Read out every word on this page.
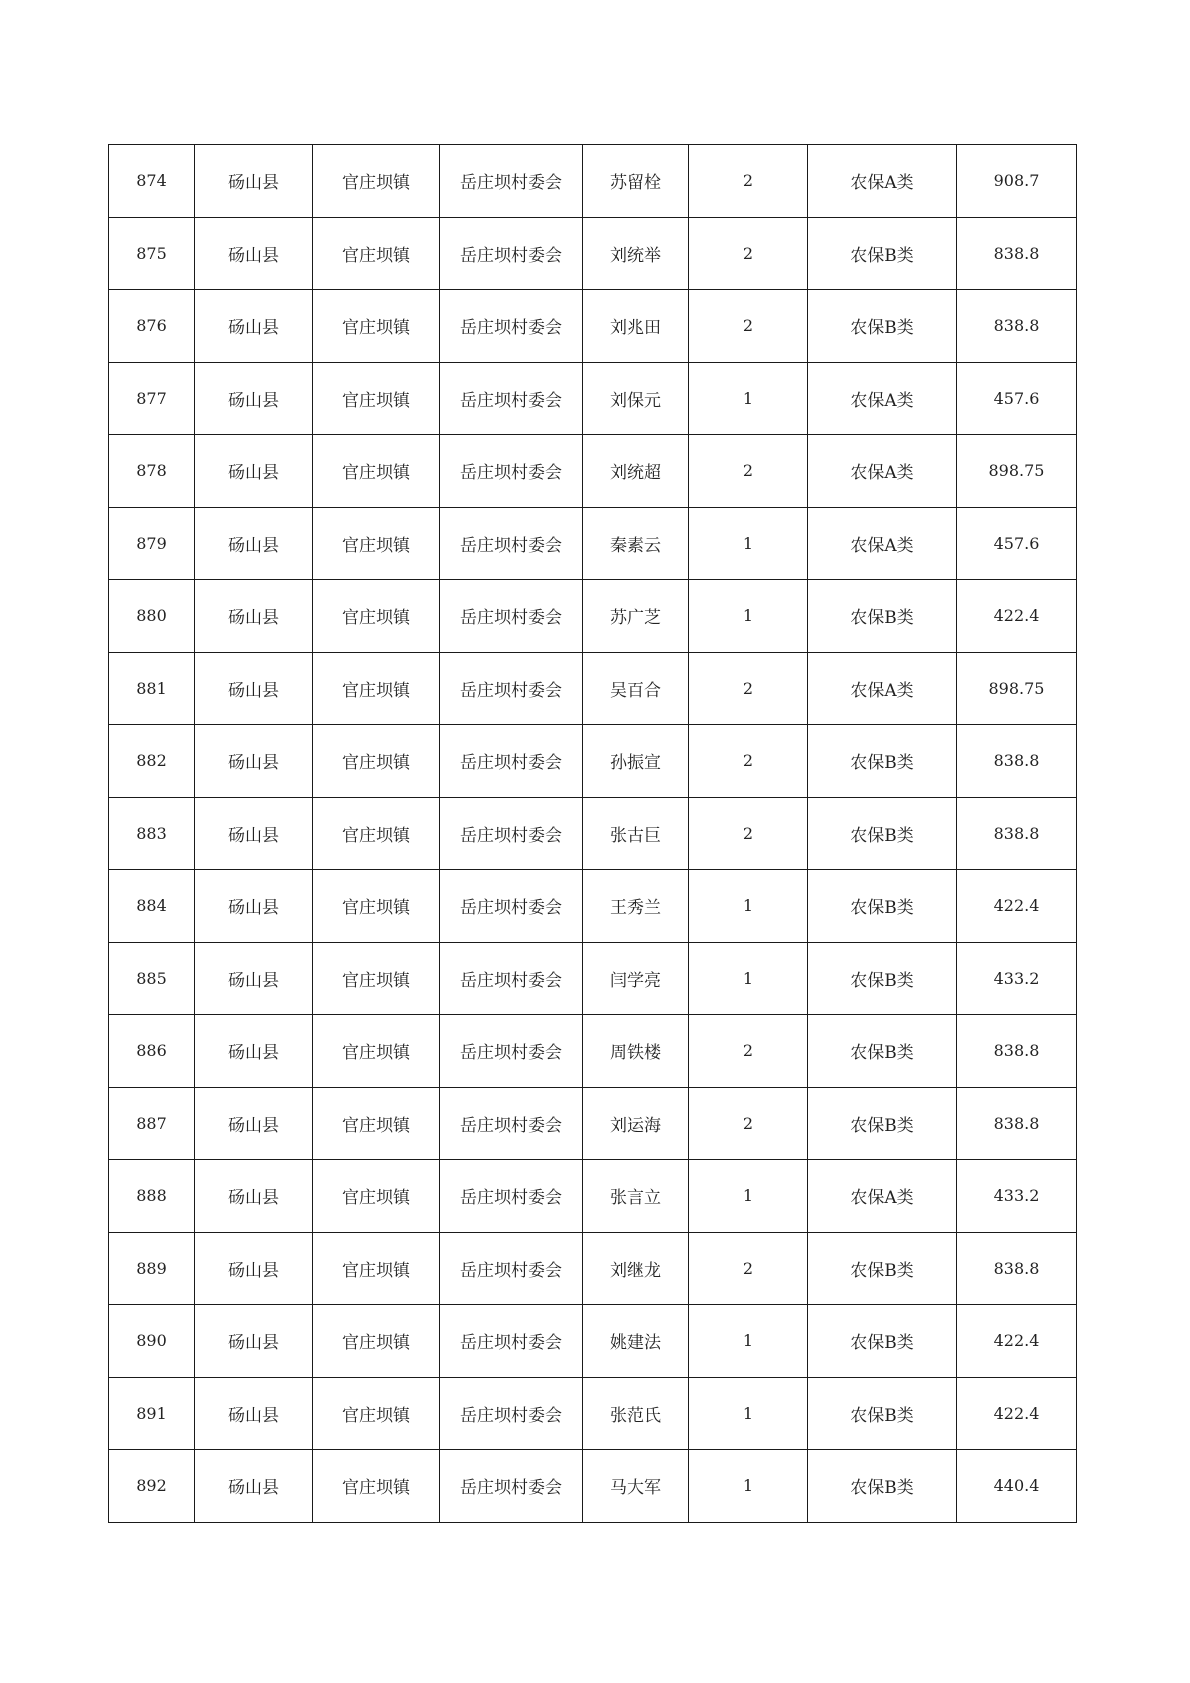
874	砀山县	官庄坝镇	岳庄坝村委会	苏留栓	2	农保A类	908.7
875	砀山县	官庄坝镇	岳庄坝村委会	刘统举	2	农保B类	838.8
876	砀山县	官庄坝镇	岳庄坝村委会	刘兆田	2	农保B类	838.8
877	砀山县	官庄坝镇	岳庄坝村委会	刘保元	1	农保A类	457.6
878	砀山县	官庄坝镇	岳庄坝村委会	刘统超	2	农保A类	898.75
879	砀山县	官庄坝镇	岳庄坝村委会	秦素云	1	农保A类	457.6
880	砀山县	官庄坝镇	岳庄坝村委会	苏广芝	1	农保B类	422.4
881	砀山县	官庄坝镇	岳庄坝村委会	吴百合	2	农保A类	898.75
882	砀山县	官庄坝镇	岳庄坝村委会	孙振宣	2	农保B类	838.8
883	砀山县	官庄坝镇	岳庄坝村委会	张古巨	2	农保B类	838.8
884	砀山县	官庄坝镇	岳庄坝村委会	王秀兰	1	农保B类	422.4
885	砀山县	官庄坝镇	岳庄坝村委会	闫学亮	1	农保B类	433.2
886	砀山县	官庄坝镇	岳庄坝村委会	周铁楼	2	农保B类	838.8
887	砀山县	官庄坝镇	岳庄坝村委会	刘运海	2	农保B类	838.8
888	砀山县	官庄坝镇	岳庄坝村委会	张言立	1	农保A类	433.2
889	砀山县	官庄坝镇	岳庄坝村委会	刘继龙	2	农保B类	838.8
890	砀山县	官庄坝镇	岳庄坝村委会	姚建法	1	农保B类	422.4
891	砀山县	官庄坝镇	岳庄坝村委会	张范氏	1	农保B类	422.4
892	砀山县	官庄坝镇	岳庄坝村委会	马大军	1	农保B类	440.4
